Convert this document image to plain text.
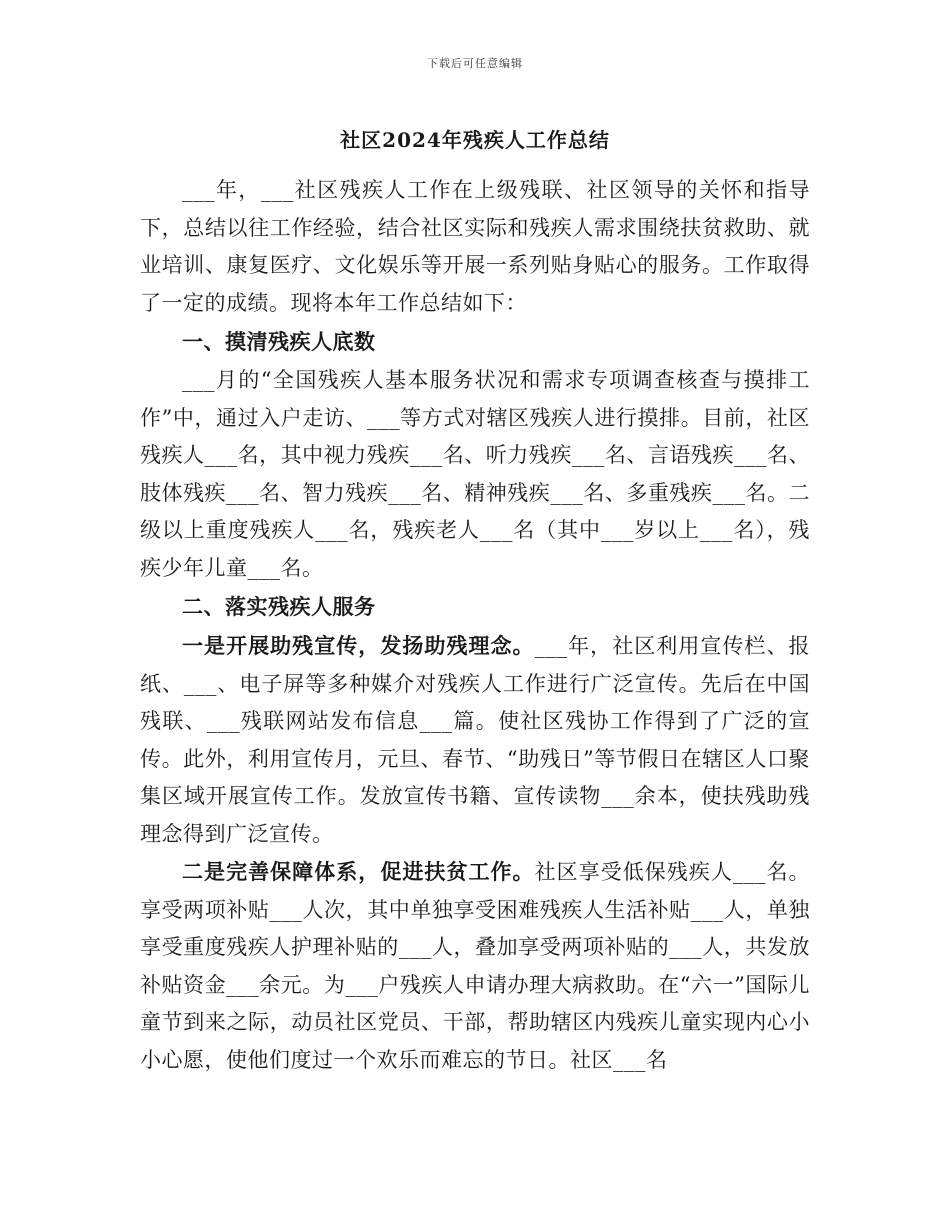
下载后可任意编辑
社区2024年残疾人工作总结

___年，___社区残疾人工作在上级残联、社区领导的关怀和指导下，总结以往工作经验，结合社区实际和残疾人需求围绕扶贫救助、就业培训、康复医疗、文化娱乐等开展一系列贴身贴心的服务。工作取得了一定的成绩。现将本年工作总结如下：

一、摸清残疾人底数

___月的“全国残疾人基本服务状况和需求专项调查核查与摸排工作”中，通过入户走访、___等方式对辖区残疾人进行摸排。目前，社区残疾人___名，其中视力残疾___名、听力残疾___名、言语残疾___名、肢体残疾___名、智力残疾___名、精神残疾___名、多重残疾___名。二级以上重度残疾人___名，残疾老人___名（其中___岁以上___名），残疾少年儿童___名。

二、落实残疾人服务

一是开展助残宣传，发扬助残理念。___年，社区利用宣传栏、报纸、___、电子屏等多种媒介对残疾人工作进行广泛宣传。先后在中国残联、___残联网站发布信息___篇。使社区残协工作得到了广泛的宣传。此外，利用宣传月，元旦、春节、“助残日”等节假日在辖区人口聚集区域开展宣传工作。发放宣传书籍、宣传读物___余本，使扶残助残理念得到广泛宣传。

二是完善保障体系，促进扶贫工作。社区享受低保残疾人___名。享受两项补贴___人次，其中单独享受困难残疾人生活补贴___人，单独享受重度残疾人护理补贴的___人，叠加享受两项补贴的___人，共发放补贴资金___余元。为___户残疾人申请办理大病救助。在“六一”国际儿童节到来之际，动员社区党员、干部，帮助辖区内残疾儿童实现内心小小心愿，使他们度过一个欢乐而难忘的节日。社区___名
